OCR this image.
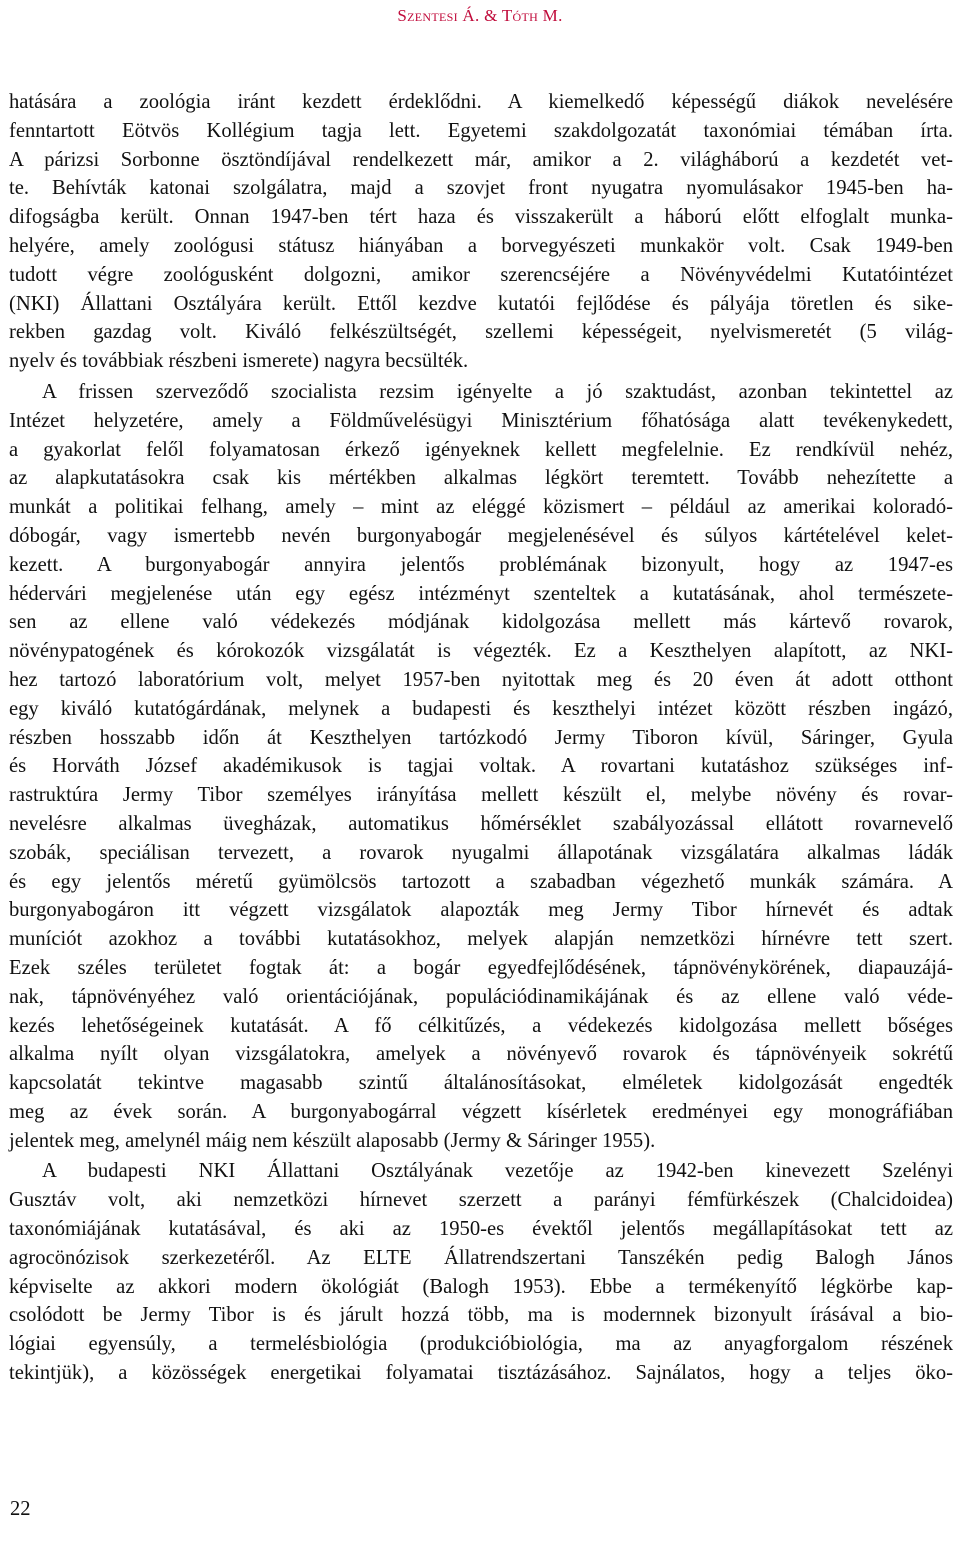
Szentesi Á. & Tóth M.
hatására a zoológia iránt kezdett érdeklődni. A kiemelkedő képességű diákok nevelésére
fenntartott Eötvös Kollégium tagja lett. Egyetemi szakdolgozatát taxonómiai témában írta.
A párizsi Sorbonne ösztöndíjával rendelkezett már, amikor a 2. világháború a kezdetét vet-
te. Behívták katonai szolgálatra, majd a szovjet front nyugatra nyomulásakor 1945-ben ha-
difogságba került. Onnan 1947-ben tért haza és visszakerült a háború előtt elfoglalt munka-
helyére, amely zoológusi státusz hiányában a borvegyészeti munkakör volt. Csak 1949-ben
tudott végre zoológusként dolgozni, amikor szerencséjére a Növényvédelmi Kutatóintézet
(NKI) Állattani Osztályára került. Ettől kezdve kutatói fejlődése és pályája töretlen és sike-
rekben gazdag volt. Kiváló felkészültségét, szellemi képességeit, nyelvismeretét (5 világ-
nyelv és továbbiak részbeni ismerete) nagyra becsülték.
A frissen szerveződő szocialista rezsim igényelte a jó szaktudást, azonban tekintettel az
Intézet helyzetére, amely a Földművelésügyi Minisztérium főhatósága alatt tevékenykedett,
a gyakorlat felől folyamatosan érkező igényeknek kellett megfelelnie. Ez rendkívül nehéz,
az alapkutatásokra csak kis mértékben alkalmas légkört teremtett. Tovább nehezítette a
munkát a politikai felhang, amely – mint az eléggé közismert – például az amerikai koloradó-
dóbogár, vagy ismertebb nevén burgonyabogár megjelenésével és súlyos kártételével kelet-
kezett. A burgonyabogár annyira jelentős problémának bizonyult, hogy az 1947-es
hédervári megjelenése után egy egész intézményt szenteltek a kutatásának, ahol természete-
sen az ellene való védekezés módjának kidolgozása mellett más kártevő rovarok,
növénypatogének és kórokozók vizsgálatát is végezték. Ez a Keszthelyen alapított, az NKI-
hez tartozó laboratórium volt, melyet 1957-ben nyitottak meg és 20 éven át adott otthont
egy kiváló kutatógárdának, melynek a budapesti és keszthelyi intézet között részben ingázó,
részben hosszabb időn át Keszthelyen tartózkodó Jermy Tiboron kívül, Sáringer, Gyula
és Horváth József akadémikusok is tagjai voltak. A rovartani kutatáshoz szükséges inf-
rastruktúra Jermy Tibor személyes irányítása mellett készült el, melybe növény és rovar-
nevelésre alkalmas üvegházak, automatikus hőmérséklet szabályozással ellátott rovarnevelő
szobák, speciálisan tervezett, a rovarok nyugalmi állapotának vizsgálatára alkalmas ládák
és egy jelentős méretű gyümölcsös tartozott a szabadban végezhető munkák számára. A
burgonyabogáron itt végzett vizsgálatok alapozták meg Jermy Tibor hírnevét és adtak
muníciót azokhoz a további kutatásokhoz, melyek alapján nemzetközi hírnévre tett szert.
Ezek széles területet fogtak át: a bogár egyedfejlődésének, tápnövénykörének, diapauzájá-
nak, tápnövényéhez való orientációjának, populációdinamikájának és az ellene való véde-
kezés lehetőségeinek kutatását. A fő célkitűzés, a védekezés kidolgozása mellett bőséges
alkalma nyílt olyan vizsgálatokra, amelyek a növényevő rovarok és tápnövényeik sokrétű
kapcsolatát tekintve magasabb szintű általánosításokat, elméletek kidolgozását engedték
meg az évek során. A burgonyabogárral végzett kísérletek eredményei egy monográfiában
jelentek meg, amelynél máig nem készült alaposabb (Jermy & Sáringer 1955).
A budapesti NKI Állattani Osztályának vezetője az 1942-ben kinevezett Szelényi
Gusztáv volt, aki nemzetközi hírnevet szerzett a parányi fémfürkészek (Chalcidoidea)
taxonómiájának kutatásával, és aki az 1950-es évektől jelentős megállapításokat tett az
agrocönózisok szerkezetéről. Az ELTE Állatrendszertani Tanszékén pedig Balogh János
képviselte az akkori modern ökológiát (Balogh 1953). Ebbe a termékenyítő légkörbe kap-
csolódott be Jermy Tibor is és járult hozzá több, ma is modernnek bizonyult írásával a bio-
lógiai egyensúly, a termelésbiológia (produkcióbiológia, ma az anyagforgalom részének
tekintjük), a közösségek energetikai folyamatai tisztázásához. Sajnálatos, hogy a teljes öko-
22
